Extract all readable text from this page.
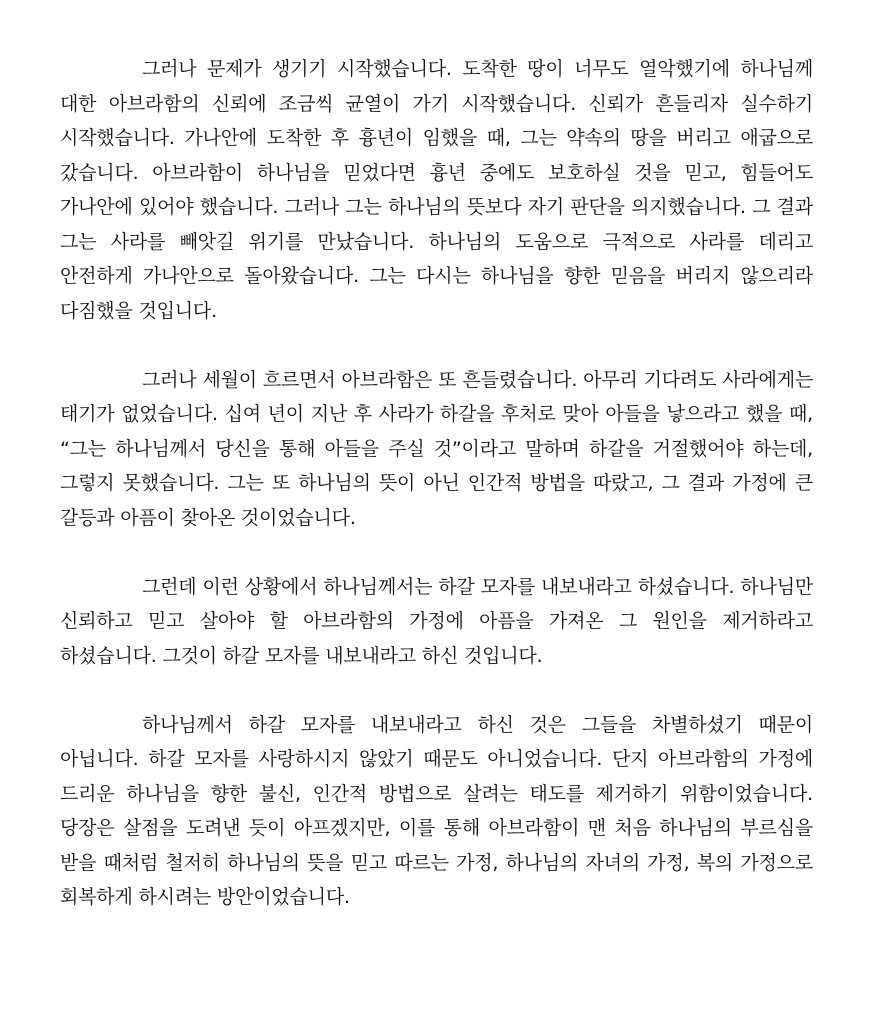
그러나 문제가 생기기 시작했습니다. 도착한 땅이 너무도 열악했기에 하나님께 대한 아브라함의 신뢰에 조금씩 균열이 가기 시작했습니다. 신뢰가 흔들리자 실수하기 시작했습니다. 가나안에 도착한 후 흉년이 임했을 때, 그는 약속의 땅을 버리고 애굽으로 갔습니다. 아브라함이 하나님을 믿었다면 흉년 중에도 보호하실 것을 믿고, 힘들어도 가나안에 있어야 했습니다. 그러나 그는 하나님의 뜻보다 자기 판단을 의지했습니다. 그 결과 그는 사라를 빼앗길 위기를 만났습니다. 하나님의 도움으로 극적으로 사라를 데리고 안전하게 가나안으로 돌아왔습니다. 그는 다시는 하나님을 향한 믿음을 버리지 않으리라 다짐했을 것입니다.

그러나 세월이 흐르면서 아브라함은 또 흔들렸습니다. 아무리 기다려도 사라에게는 태기가 없었습니다. 십여 년이 지난 후 사라가 하갈을 후처로 맞아 아들을 낳으라고 했을 때, “그는 하나님께서 당신을 통해 아들을 주실 것”이라고 말하며 하갈을 거절했어야 하는데, 그렇지 못했습니다. 그는 또 하나님의 뜻이 아닌 인간적 방법을 따랐고, 그 결과 가정에 큰 갈등과 아픔이 찾아온 것이었습니다.

그런데 이런 상황에서 하나님께서는 하갈 모자를 내보내라고 하셨습니다. 하나님만 신뢰하고 믿고 살아야 할 아브라함의 가정에 아픔을 가져온 그 원인을 제거하라고 하셨습니다. 그것이 하갈 모자를 내보내라고 하신 것입니다.

하나님께서 하갈 모자를 내보내라고 하신 것은 그들을 차별하셨기 때문이 아닙니다. 하갈 모자를 사랑하시지 않았기 때문도 아니었습니다. 단지 아브라함의 가정에 드리운 하나님을 향한 불신, 인간적 방법으로 살려는 태도를 제거하기 위함이었습니다. 당장은 살점을 도려낸 듯이 아프겠지만, 이를 통해 아브라함이 맨 처음 하나님의 부르심을 받을 때처럼 철저히 하나님의 뜻을 믿고 따르는 가정, 하나님의 자녀의 가정, 복의 가정으로 회복하게 하시려는 방안이었습니다.
